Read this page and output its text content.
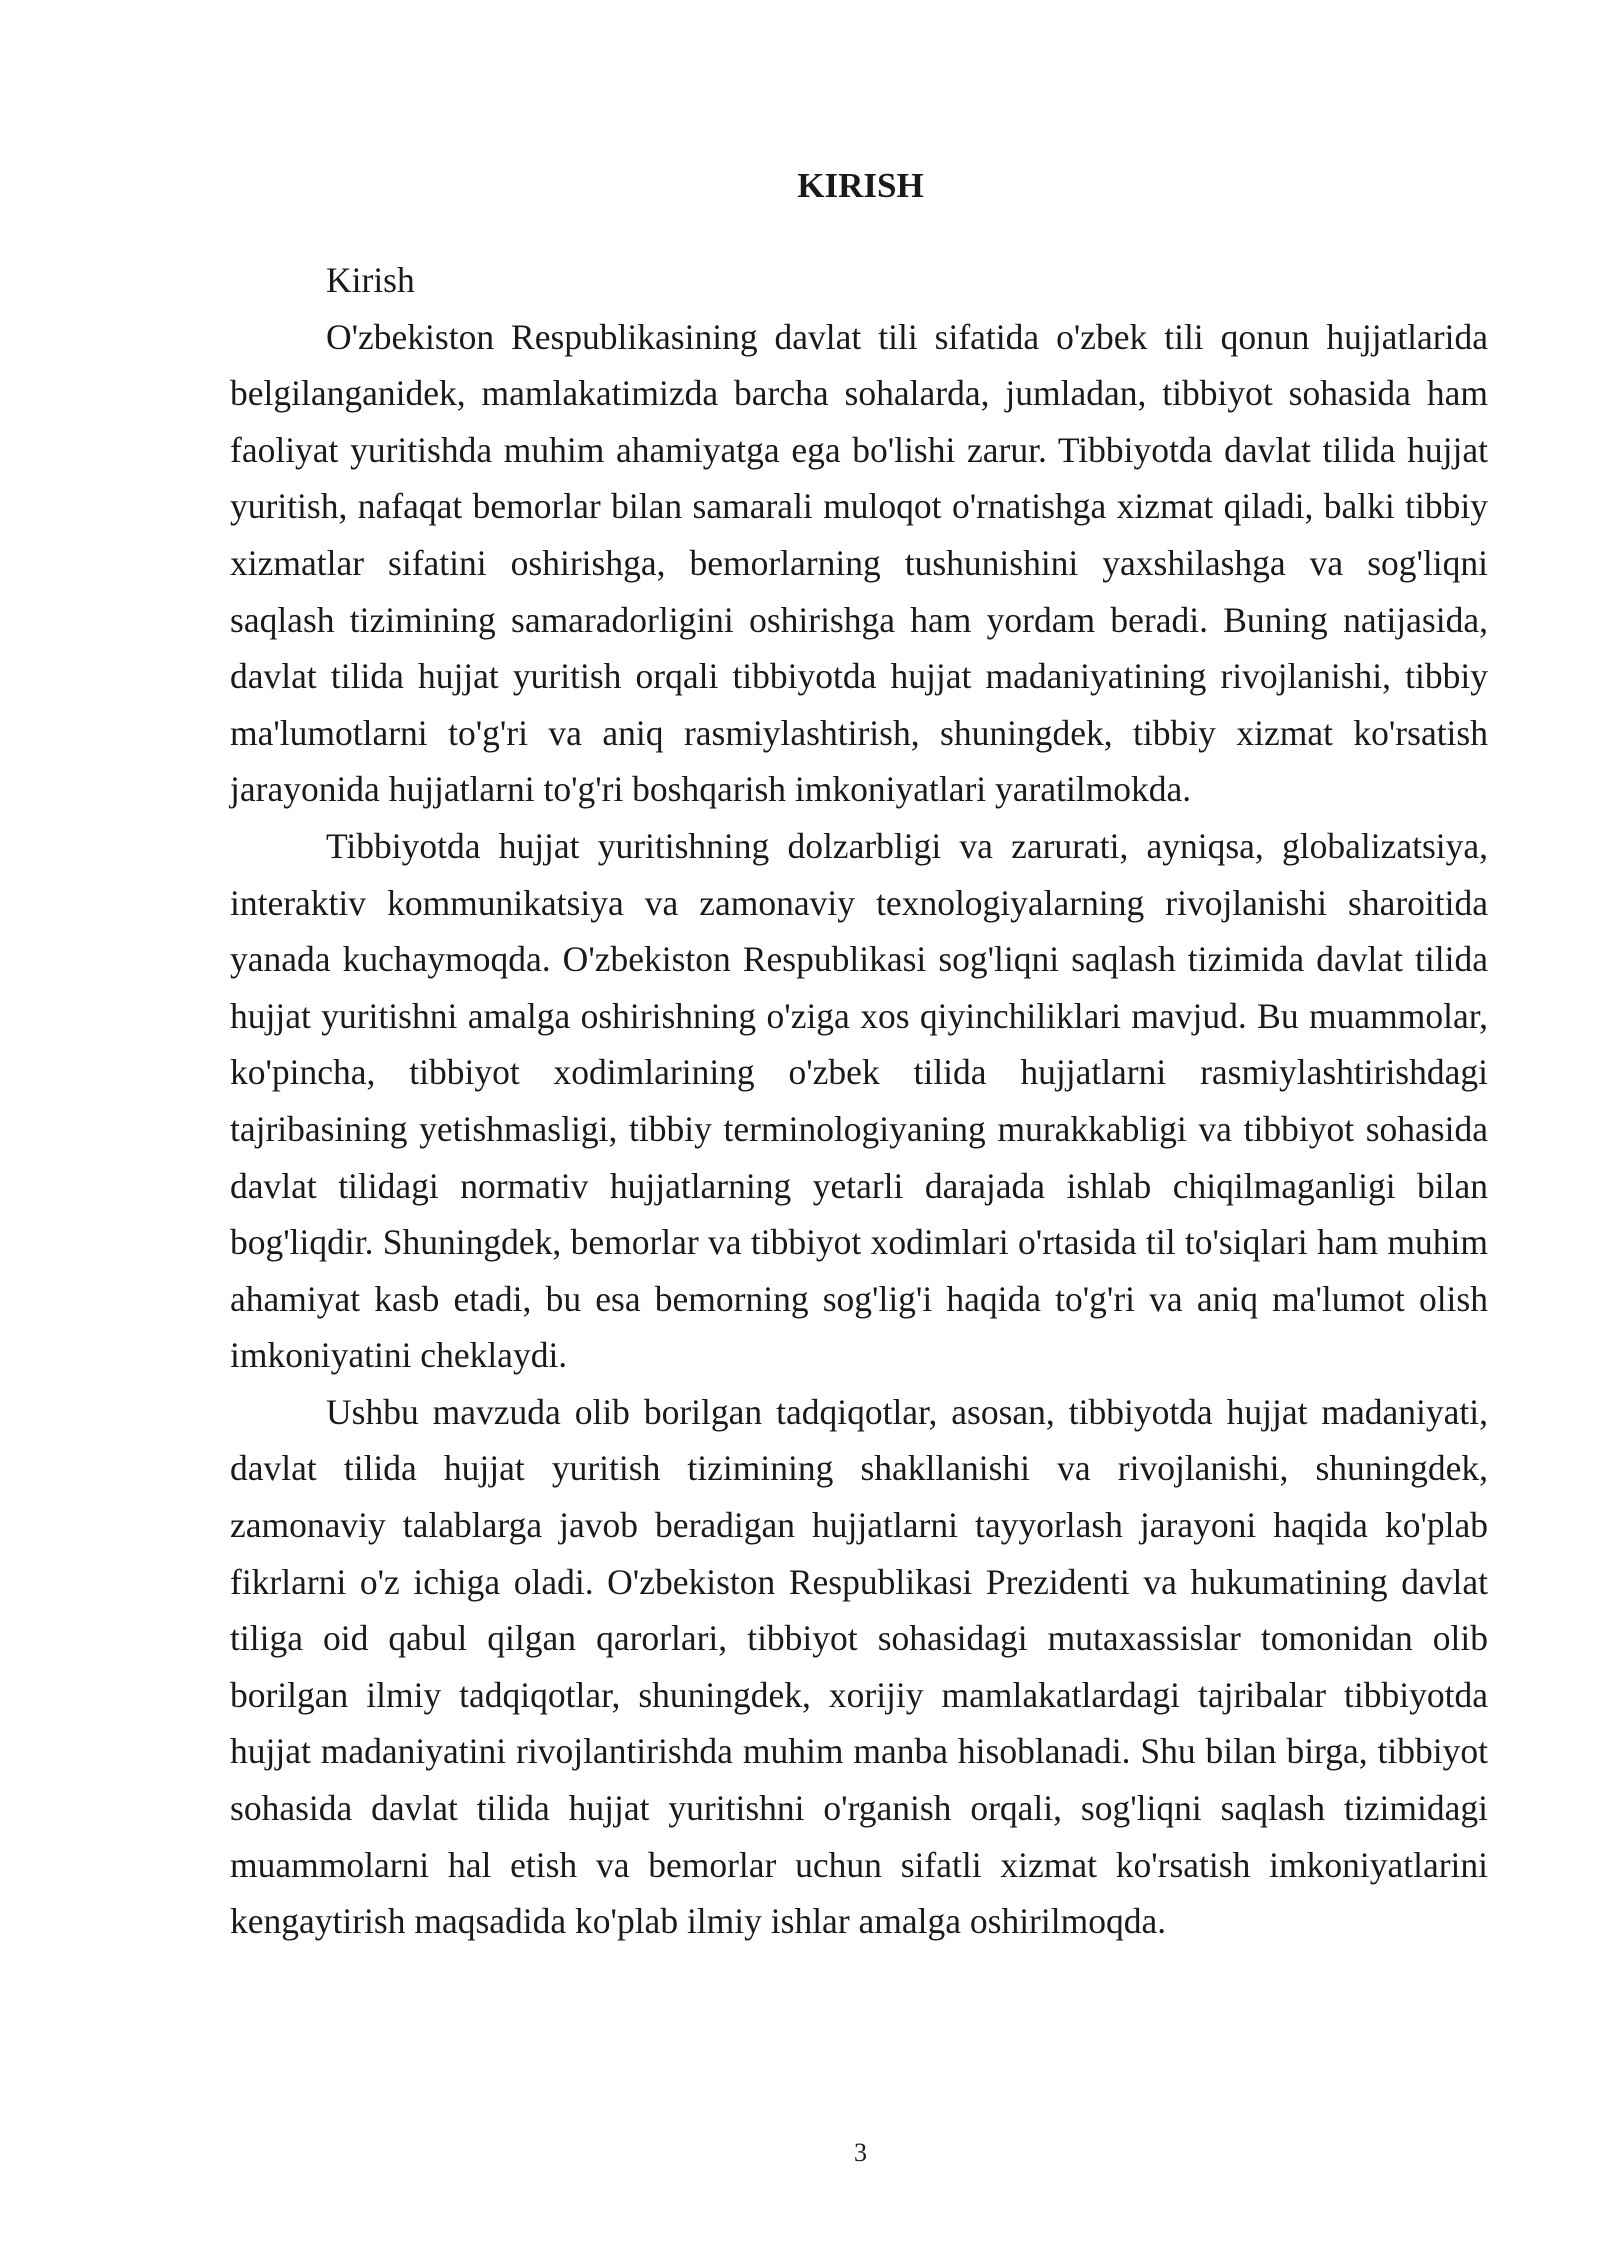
KIRISH

Kirish

O'zbekiston Respublikasining davlat tili sifatida o'zbek tili qonun hujjatlarida belgilanganidek, mamlakatimizda barcha sohalarda, jumladan, tibbiyot sohasida ham faoliyat yuritishda muhim ahamiyatga ega bo'lishi zarur. Tibbiyotda davlat tilida hujjat yuritish, nafaqat bemorlar bilan samarali muloqot o'rnatishga xizmat qiladi, balki tibbiy xizmatlar sifatini oshirishga, bemorlarning tushunishini yaxshilashga va sog'liqni saqlash tizimining samaradorligini oshirishga ham yordam beradi. Buning natijasida, davlat tilida hujjat yuritish orqali tibbiyotda hujjat madaniyatining rivojlanishi, tibbiy ma'lumotlarni to'g'ri va aniq rasmiylashtirish, shuningdek, tibbiy xizmat ko'rsatish jarayonida hujjatlarni to'g'ri boshqarish imkoniyatlari yaratilmokda.

Tibbiyotda hujjat yuritishning dolzarbligi va zarurati, ayniqsa, globalizatsiya, interaktiv kommunikatsiya va zamonaviy texnologiyalarning rivojlanishi sharoitida yanada kuchaymoqda. O'zbekiston Respublikasi sog'liqni saqlash tizimida davlat tilida hujjat yuritishni amalga oshirishning o'ziga xos qiyinchiliklari mavjud. Bu muammolar, ko'pincha, tibbiyot xodimlarining o'zbek tilida hujjatlarni rasmiylashtirishdagi tajribasining yetishmasligi, tibbiy terminologiyaning murakkabligi va tibbiyot sohasida davlat tilidagi normativ hujjatlarning yetarli darajada ishlab chiqilmaganligi bilan bog'liqdir. Shuningdek, bemorlar va tibbiyot xodimlari o'rtasida til to'siqlari ham muhim ahamiyat kasb etadi, bu esa bemorning sog'lig'i haqida to'g'ri va aniq ma'lumot olish imkoniyatini cheklaydi.

Ushbu mavzuda olib borilgan tadqiqotlar, asosan, tibbiyotda hujjat madaniyati, davlat tilida hujjat yuritish tizimining shakllanishi va rivojlanishi, shuningdek, zamonaviy talablarga javob beradigan hujjatlarni tayyorlash jarayoni haqida ko'plab fikrlarni o'z ichiga oladi. O'zbekiston Respublikasi Prezidenti va hukumatining davlat tiliga oid qabul qilgan qarorlari, tibbiyot sohasidagi mutaxassislar tomonidan olib borilgan ilmiy tadqiqotlar, shuningdek, xorijiy mamlakatlardagi tajribalar tibbiyotda hujjat madaniyatini rivojlantirishda muhim manba hisoblanadi. Shu bilan birga, tibbiyot sohasida davlat tilida hujjat yuritishni o'rganish orqali, sog'liqni saqlash tizimidagi muammolarni hal etish va bemorlar uchun sifatli xizmat ko'rsatish imkoniyatlarini kengaytirish maqsadida ko'plab ilmiy ishlar amalga oshirilmoqda.

3
